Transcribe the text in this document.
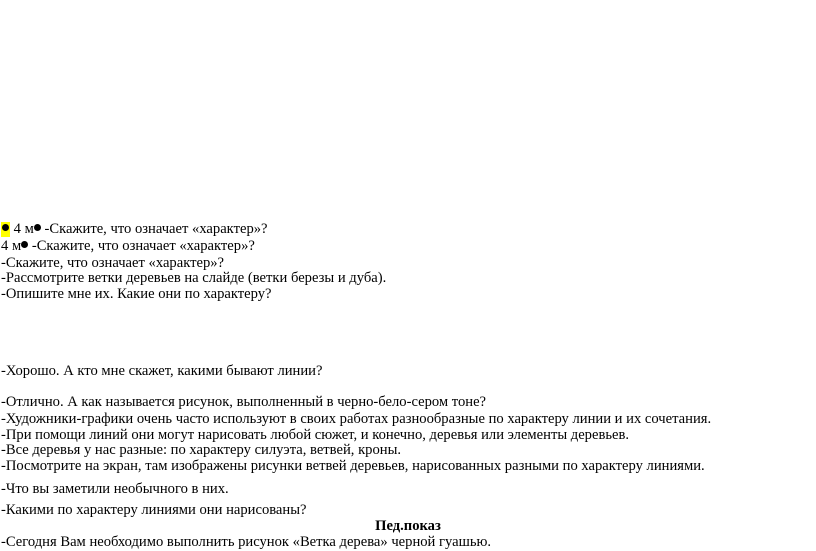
4 м -Скажите, что означает «характер»?

4 м -Скажите, что означает «характер»?

-Скажите, что означает «характер»?

-Рассмотрите ветки деревьев на слайде (ветки березы и дуба).

-Опишите мне их. Какие они по характеру?

-Хорошо. А кто мне скажет, какими бывают линии?

-Отлично. А как называется рисунок, выполненный в черно-бело-сером тоне?

-Художники-графики очень часто используют в своих работах разнообразные по характеру линии и их сочетания.

-При помощи линий они могут нарисовать любой сюжет, и конечно, деревья или элементы деревьев.

-Все деревья у нас разные: по характеру силуэта, ветвей, кроны.

-Посмотрите на экран, там изображены рисунки ветвей деревьев, нарисованных разными по характеру линиями.

-Что вы заметили необычного в них.

-Какими по характеру линиями они нарисованы?

Пед.показ

-Сегодня Вам необходимо выполнить рисунок «Ветка дерева» черной гуашью.
